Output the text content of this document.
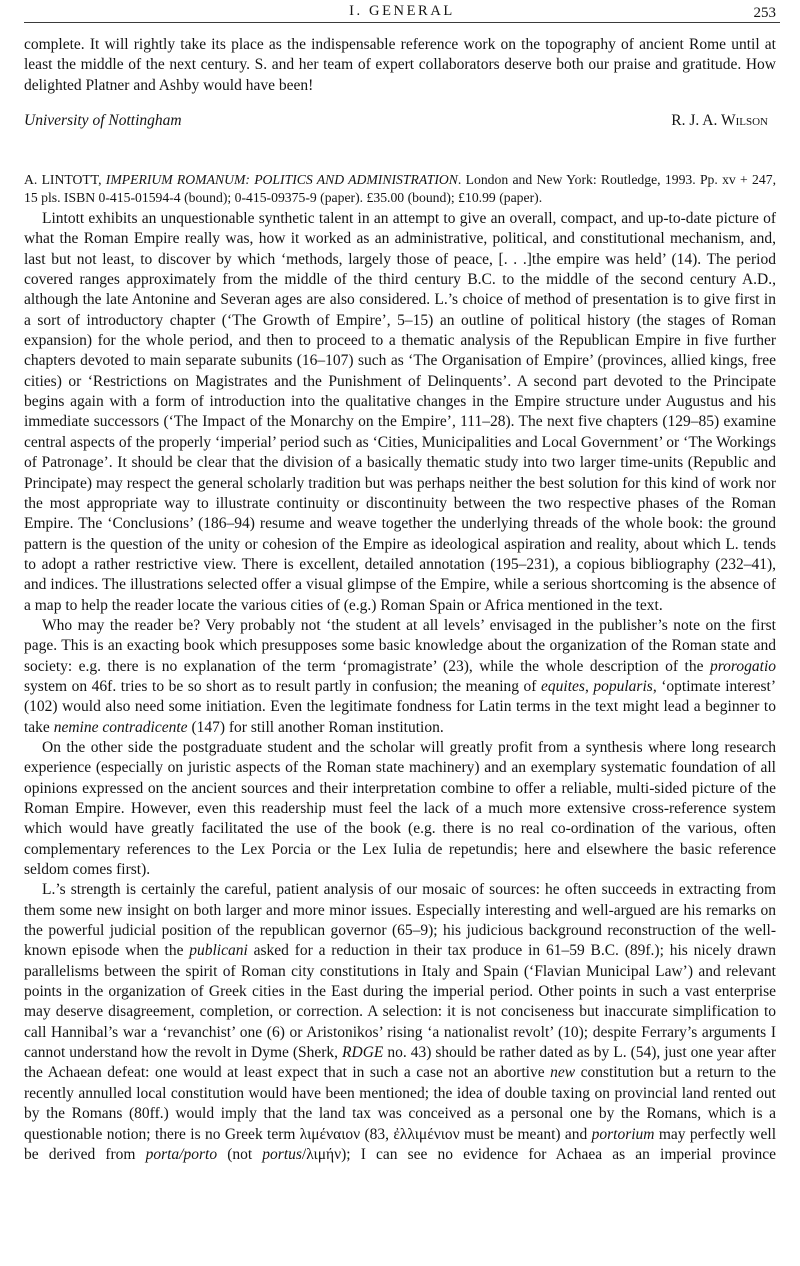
I. GENERAL	253

complete. It will rightly take its place as the indispensable reference work on the topography of ancient Rome until at least the middle of the next century. S. and her team of expert collaborators deserve both our praise and gratitude. How delighted Platner and Ashby would have been!

University of Nottingham	R. J. A. Wilson
A. LINTOTT, IMPERIUM ROMANUM: POLITICS AND ADMINISTRATION. London and New York: Routledge, 1993. Pp. xv + 247, 15 pls. ISBN 0-415-01594-4 (bound); 0-415-09375-9 (paper). £35.00 (bound); £10.99 (paper).

Lintott exhibits an unquestionable synthetic talent in an attempt to give an overall, compact, and up-to-date picture of what the Roman Empire really was, how it worked as an administrative, political, and constitutional mechanism, and, last but not least, to discover by which ‘methods, largely those of peace, [. . .]the empire was held’ (14). The period covered ranges approximately from the middle of the third century B.C. to the middle of the second century A.D., although the late Antonine and Severan ages are also considered. L.’s choice of method of presentation is to give first in a sort of introductory chapter (‘The Growth of Empire’, 5–15) an outline of political history (the stages of Roman expansion) for the whole period, and then to proceed to a thematic analysis of the Republican Empire in five further chapters devoted to main separate subunits (16–107) such as ‘The Organisation of Empire’ (provinces, allied kings, free cities) or ‘Restrictions on Magistrates and the Punishment of Delinquents’. A second part devoted to the Principate begins again with a form of introduction into the qualitative changes in the Empire structure under Augustus and his immediate successors (‘The Impact of the Monarchy on the Empire’, 111–28). The next five chapters (129–85) examine central aspects of the properly ‘imperial’ period such as ‘Cities, Municipalities and Local Government’ or ‘The Workings of Patronage’. It should be clear that the division of a basically thematic study into two larger time-units (Republic and Principate) may respect the general scholarly tradition but was perhaps neither the best solution for this kind of work nor the most appropriate way to illustrate continuity or discontinuity between the two respective phases of the Roman Empire. The ‘Conclusions’ (186–94) resume and weave together the underlying threads of the whole book: the ground pattern is the question of the unity or cohesion of the Empire as ideological aspiration and reality, about which L. tends to adopt a rather restrictive view. There is excellent, detailed annotation (195–231), a copious bibliography (232–41), and indices. The illustrations selected offer a visual glimpse of the Empire, while a serious shortcoming is the absence of a map to help the reader locate the various cities of (e.g.) Roman Spain or Africa mentioned in the text.

Who may the reader be? Very probably not ‘the student at all levels’ envisaged in the publisher’s note on the first page. This is an exacting book which presupposes some basic knowledge about the organization of the Roman state and society: e.g. there is no explanation of the term ‘promagistrate’ (23), while the whole description of the prorogatio system on 46f. tries to be so short as to result partly in confusion; the meaning of equites, popularis, ‘optimate interest’ (102) would also need some initiation. Even the legitimate fondness for Latin terms in the text might lead a beginner to take nemine contradicente (147) for still another Roman institution.

On the other side the postgraduate student and the scholar will greatly profit from a synthesis where long research experience (especially on juristic aspects of the Roman state machinery) and an exemplary systematic foundation of all opinions expressed on the ancient sources and their interpretation combine to offer a reliable, multi-sided picture of the Roman Empire. However, even this readership must feel the lack of a much more extensive cross-reference system which would have greatly facilitated the use of the book (e.g. there is no real co-ordination of the various, often complementary references to the Lex Porcia or the Lex Iulia de repetundis; here and elsewhere the basic reference seldom comes first).

L.’s strength is certainly the careful, patient analysis of our mosaic of sources: he often succeeds in extracting from them some new insight on both larger and more minor issues. Especially interesting and well-argued are his remarks on the powerful judicial position of the republican governor (65–9); his judicious background reconstruction of the well-known episode when the publicani asked for a reduction in their tax produce in 61–59 B.C. (89f.); his nicely drawn parallelisms between the spirit of Roman city constitutions in Italy and Spain (‘Flavian Municipal Law’) and relevant points in the organization of Greek cities in the East during the imperial period. Other points in such a vast enterprise may deserve disagreement, completion, or correction. A selection: it is not conciseness but inaccurate simplification to call Hannibal’s war a ‘revanchist’ one (6) or Aristonikos’ rising ‘a nationalist revolt’ (10); despite Ferrary’s arguments I cannot understand how the revolt in Dyme (Sherk, RDGE no. 43) should be rather dated as by L. (54), just one year after the Achaean defeat: one would at least expect that in such a case not an abortive new constitution but a return to the recently annulled local constitution would have been mentioned; the idea of double taxing on provincial land rented out by the Romans (80ff.) would imply that the land tax was conceived as a personal one by the Romans, which is a questionable notion; there is no Greek term λιμέναιον (83, ἐλλιμένιον must be meant) and portorium may perfectly well be derived from porta/porto (not portus/λιμήν); I can see no evidence for Achaea as an imperial province
